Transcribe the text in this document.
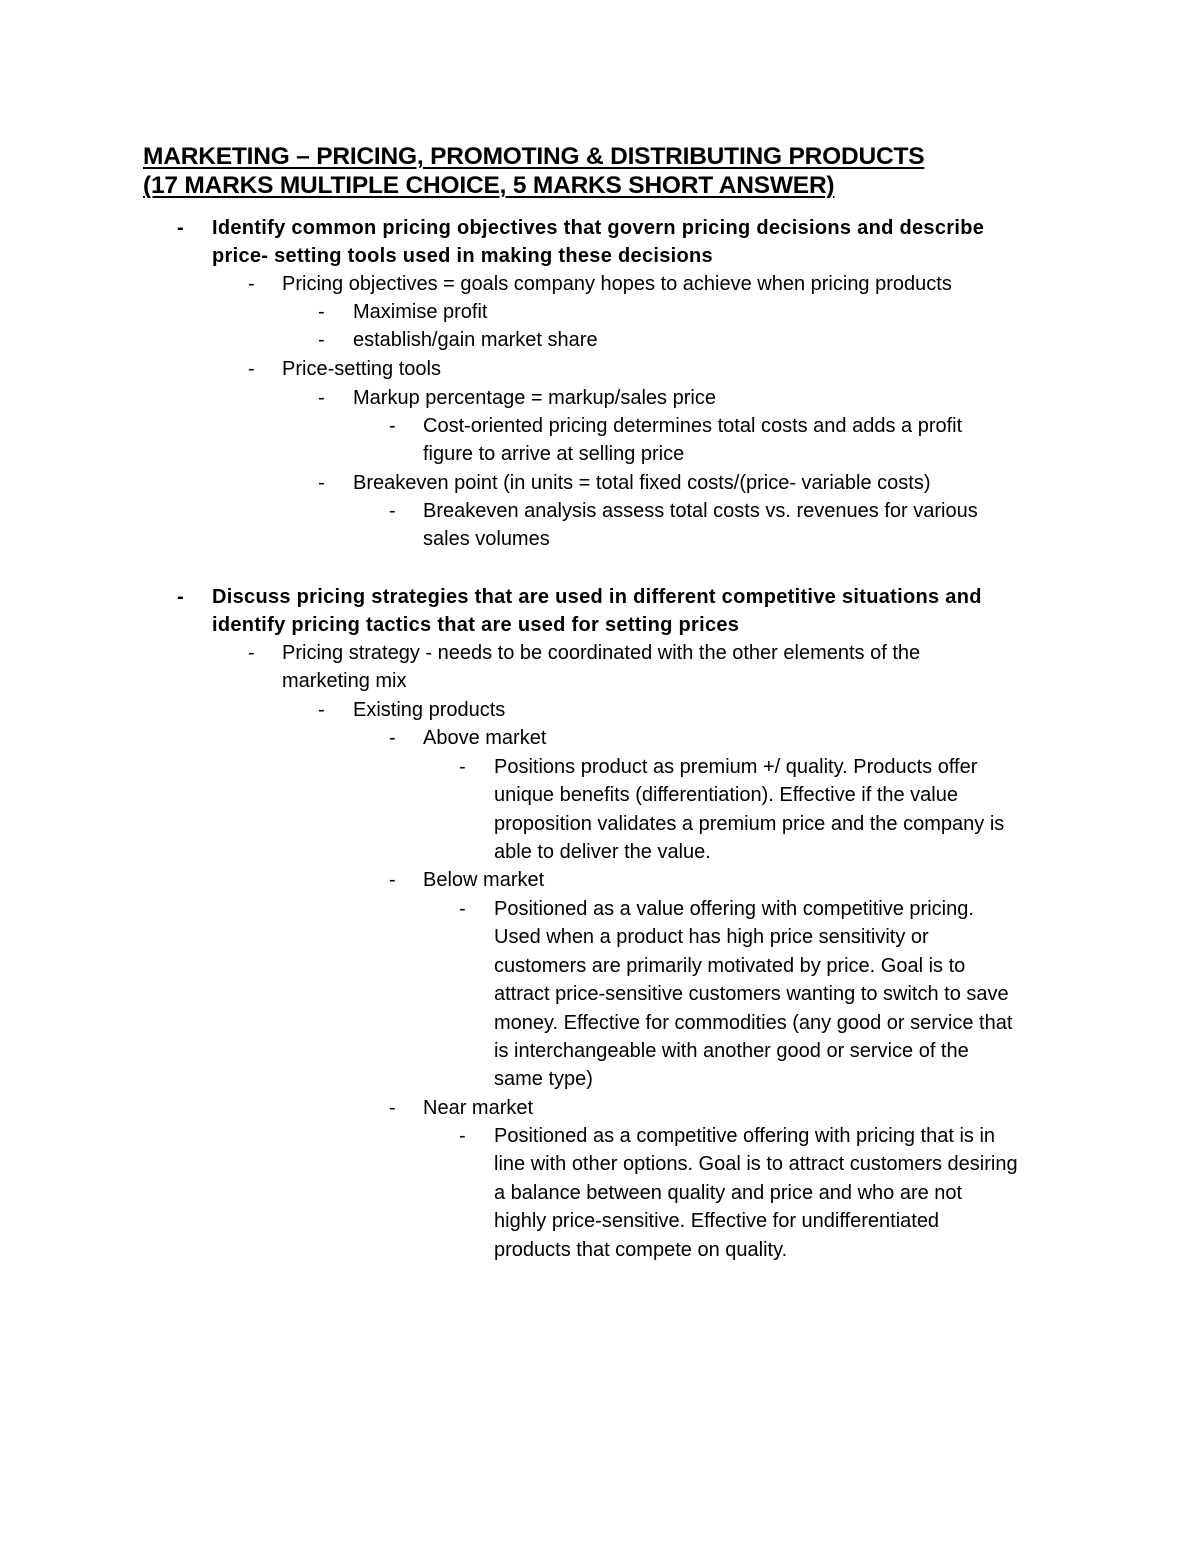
MARKETING – PRICING, PROMOTING & DISTRIBUTING PRODUCTS
(17 MARKS MULTIPLE CHOICE, 5 MARKS SHORT ANSWER)
- Identify common pricing objectives that govern pricing decisions and describe
price- setting tools used in making these decisions
- Pricing objectives = goals company hopes to achieve when pricing products
- Maximise profit
- establish/gain market share
- Price-setting tools
- Markup percentage = markup/sales price
- Cost-oriented pricing determines total costs and adds a profit
figure to arrive at selling price
- Breakeven point (in units = total fixed costs/(price- variable costs)
- Breakeven analysis assess total costs vs. revenues for various
sales volumes
- Discuss pricing strategies that are used in different competitive situations and
identify pricing tactics that are used for setting prices
- Pricing strategy - needs to be coordinated with the other elements of the
marketing mix
- Existing products
- Above market
- Positions product as premium +/ quality. Products offer
unique benefits (differentiation). Effective if the value
proposition validates a premium price and the company is
able to deliver the value.
- Below market
- Positioned as a value offering with competitive pricing.
Used when a product has high price sensitivity or
customers are primarily motivated by price. Goal is to
attract price-sensitive customers wanting to switch to save
money. Effective for commodities (any good or service that
is interchangeable with another good or service of the
same type)
- Near market
- Positioned as a competitive offering with pricing that is in
line with other options. Goal is to attract customers desiring
a balance between quality and price and who are not
highly price-sensitive. Effective for undifferentiated
products that compete on quality.
